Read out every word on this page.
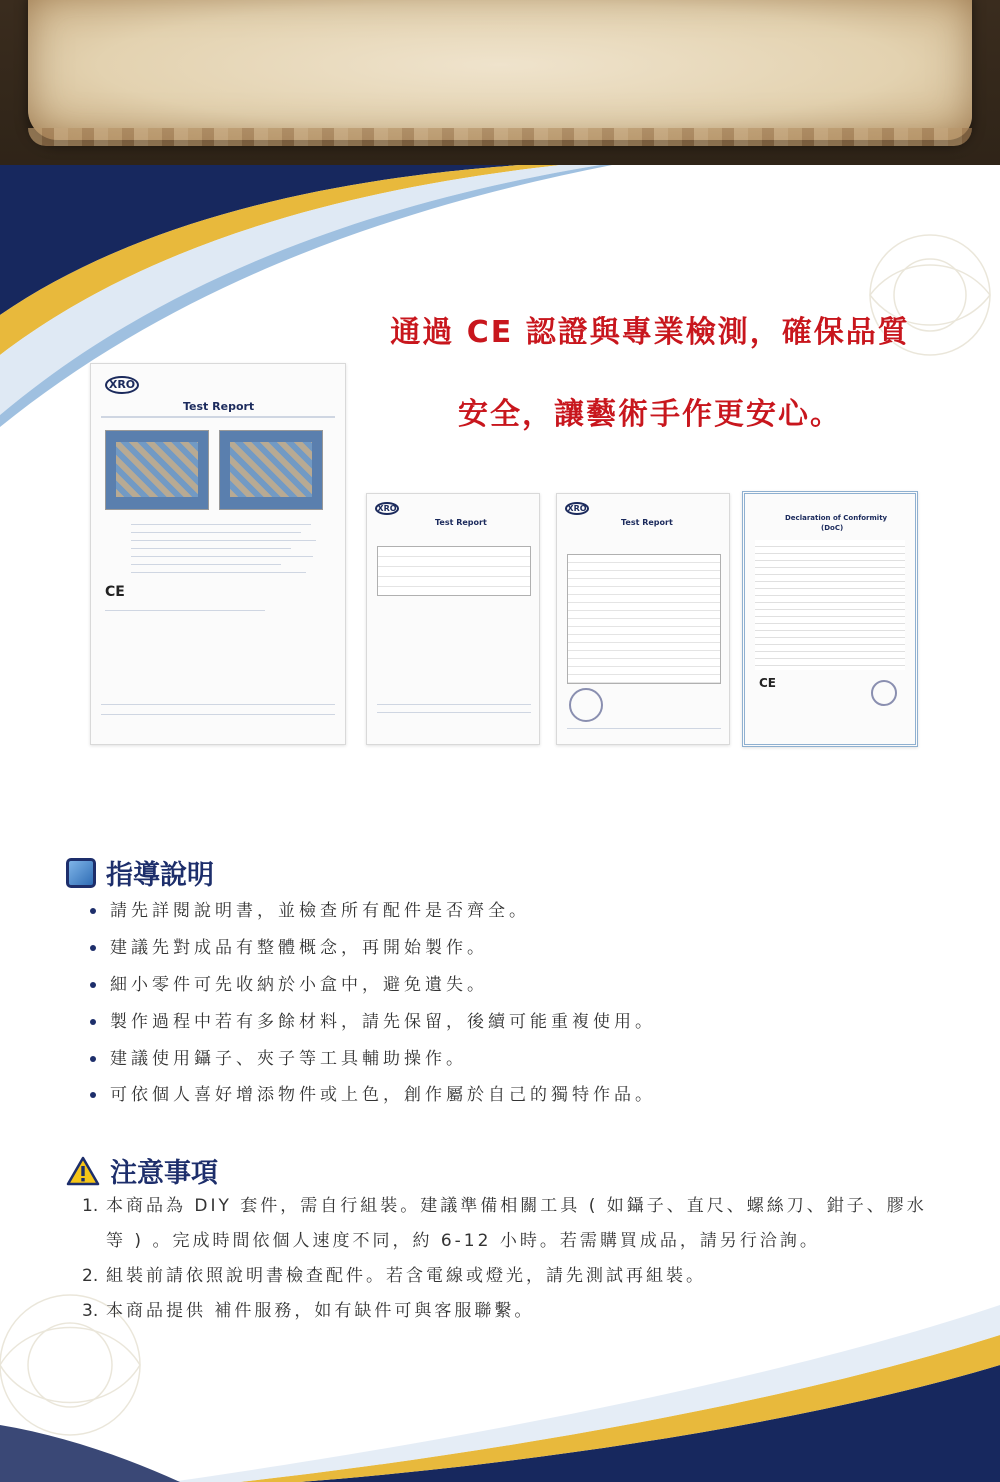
通過 CE 認證與專業檢測，確保品質
安全，讓藝術手作更安心。
XRO
Test Report
CE
XRO
Test Report
XRO
Test Report	Declaration of Conformity
(DoC)
CE
指導說明
請先詳閱說明書，並檢查所有配件是否齊全。
建議先對成品有整體概念，再開始製作。
細小零件可先收納於小盒中，避免遺失。
製作過程中若有多餘材料，請先保留，後續可能重複使用。
建議使用鑷子、夾子等工具輔助操作。
可依個人喜好增添物件或上色，創作屬於自己的獨特作品。
注意事項
1. 本商品為 DIY 套件，需自行組裝。建議準備相關工具 ( 如鑷子、直尺、螺絲刀、鉗子、膠水等 ) 。完成時間依個人速度不同，約 6-12 小時。若需購買成品，請另行洽詢。
2. 組裝前請依照說明書檢查配件。若含電線或燈光，請先測試再組裝。
3. 本商品提供 補件服務，如有缺件可與客服聯繫。
